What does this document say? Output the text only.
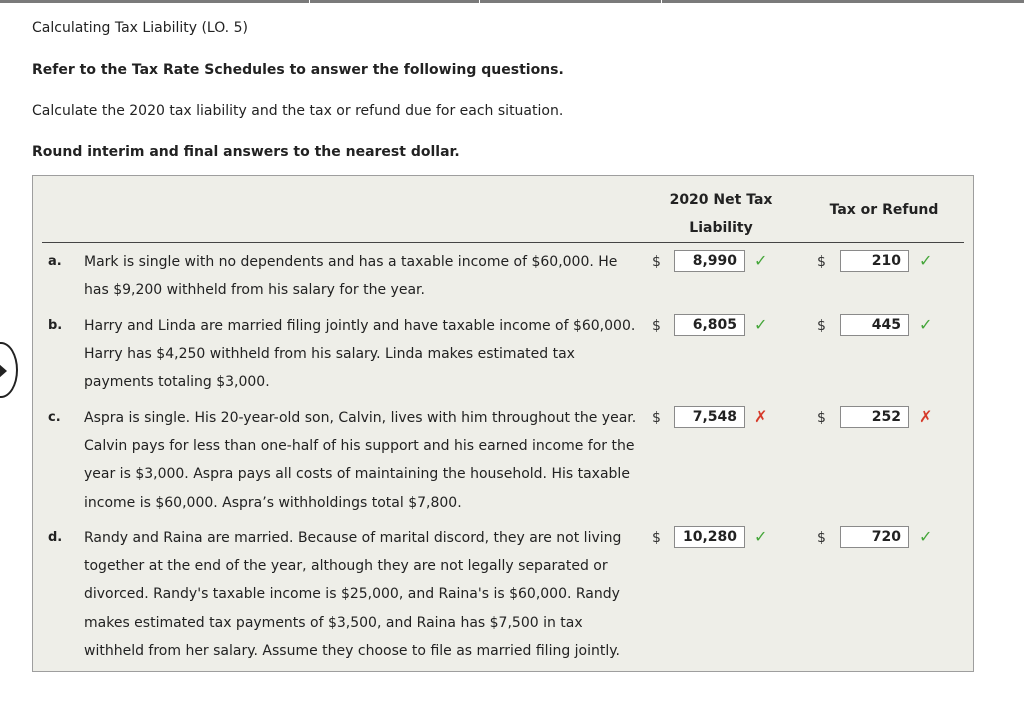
Calculating Tax Liability (LO. 5)
Refer to the Tax Rate Schedules to answer the following questions.
Calculate the 2020 tax liability and the tax or refund due for each situation.
Round interim and final answers to the nearest dollar.
2020 Net Tax
Liability
Tax or Refund
a. Mark is single with no dependents and has a taxable income of $60,000. He has $9,200 withheld from his salary for the year.
$	8,990	✓	$	210	✓
b. Harry and Linda are married filing jointly and have taxable income of $60,000. Harry has $4,250 withheld from his salary. Linda makes estimated tax payments totaling $3,000.
$	6,805	✓	$	445	✓
c. Aspra is single. His 20-year-old son, Calvin, lives with him throughout the year. Calvin pays for less than one-half of his support and his earned income for the year is $3,000. Aspra pays all costs of maintaining the household. His taxable income is $60,000. Aspra’s withholdings total $7,800.
$	7,548	✗	$	252	✗
d. Randy and Raina are married. Because of marital discord, they are not living together at the end of the year, although they are not legally separated or divorced. Randy's taxable income is $25,000, and Raina's is $60,000. Randy makes estimated tax payments of $3,500, and Raina has $7,500 in tax withheld from her salary. Assume they choose to file as married filing jointly.
$	10,280	✓	$	720	✓
